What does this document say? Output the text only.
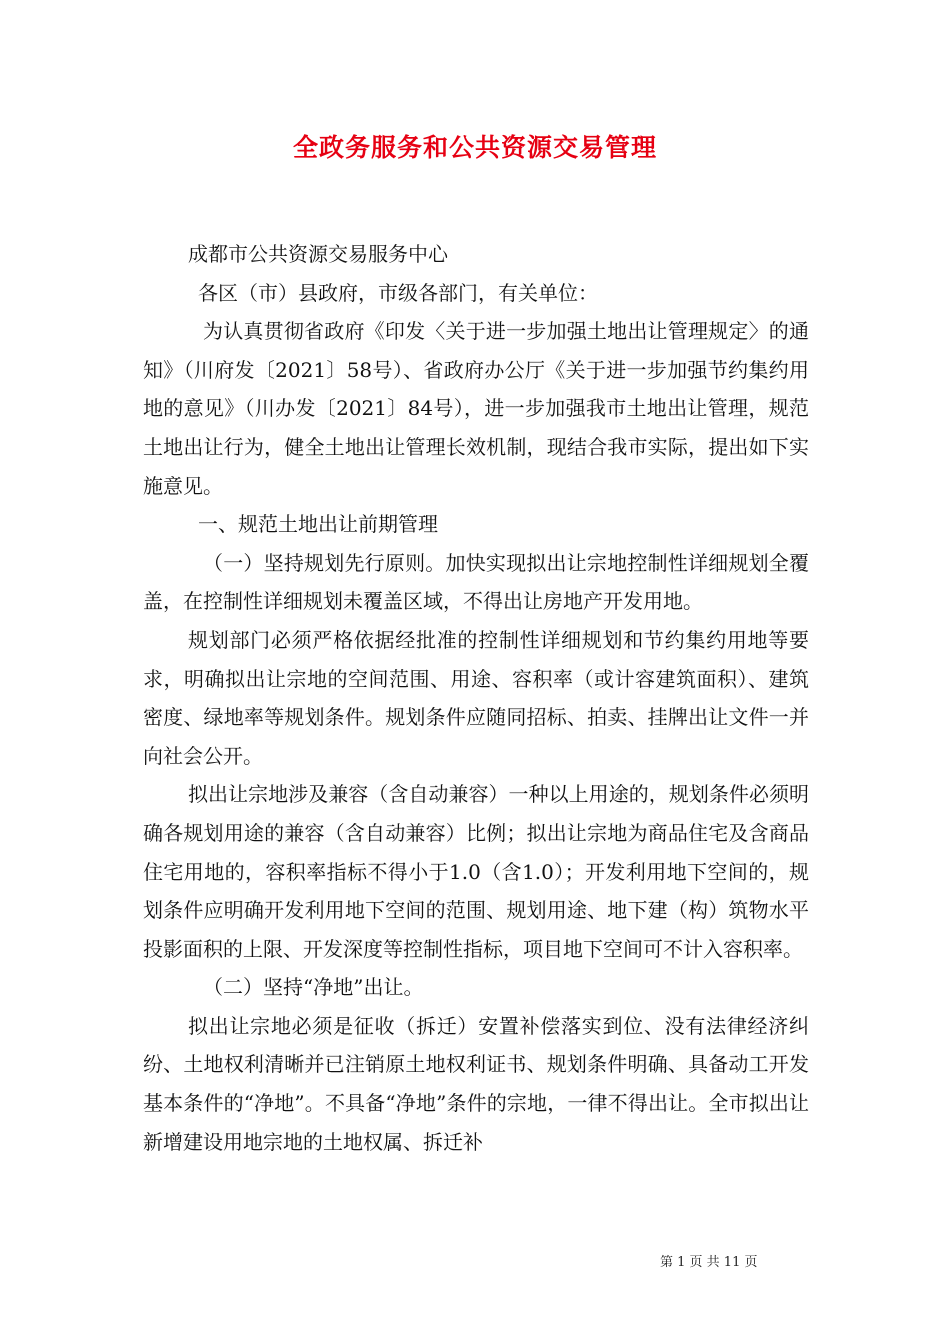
全政务服务和公共资源交易管理

成都市公共资源交易服务中心

各区（市）县政府，市级各部门，有关单位：

为认真贯彻省政府《印发〈关于进一步加强土地出让管理规定〉的通知》（川府发〔2021〕58号）、省政府办公厅《关于进一步加强节约集约用地的意见》（川办发〔2021〕84号），进一步加强我市土地出让管理，规范土地出让行为，健全土地出让管理长效机制，现结合我市实际，提出如下实施意见。

一、规范土地出让前期管理

（一）坚持规划先行原则。加快实现拟出让宗地控制性详细规划全覆盖，在控制性详细规划未覆盖区域，不得出让房地产开发用地。

规划部门必须严格依据经批准的控制性详细规划和节约集约用地等要求，明确拟出让宗地的空间范围、用途、容积率（或计容建筑面积）、建筑密度、绿地率等规划条件。规划条件应随同招标、拍卖、挂牌出让文件一并向社会公开。

拟出让宗地涉及兼容（含自动兼容）一种以上用途的，规划条件必须明确各规划用途的兼容（含自动兼容）比例；拟出让宗地为商品住宅及含商品住宅用地的，容积率指标不得小于1.0（含1.0）；开发利用地下空间的，规划条件应明确开发利用地下空间的范围、规划用途、地下建（构）筑物水平投影面积的上限、开发深度等控制性指标，项目地下空间可不计入容积率。

（二）坚持“净地”出让。

拟出让宗地必须是征收（拆迁）安置补偿落实到位、没有法律经济纠纷、土地权利清晰并已注销原土地权利证书、规划条件明确、具备动工开发基本条件的“净地”。不具备“净地”条件的宗地，一律不得出让。全市拟出让新增建设用地宗地的土地权属、拆迁补

第 1 页 共 11 页
